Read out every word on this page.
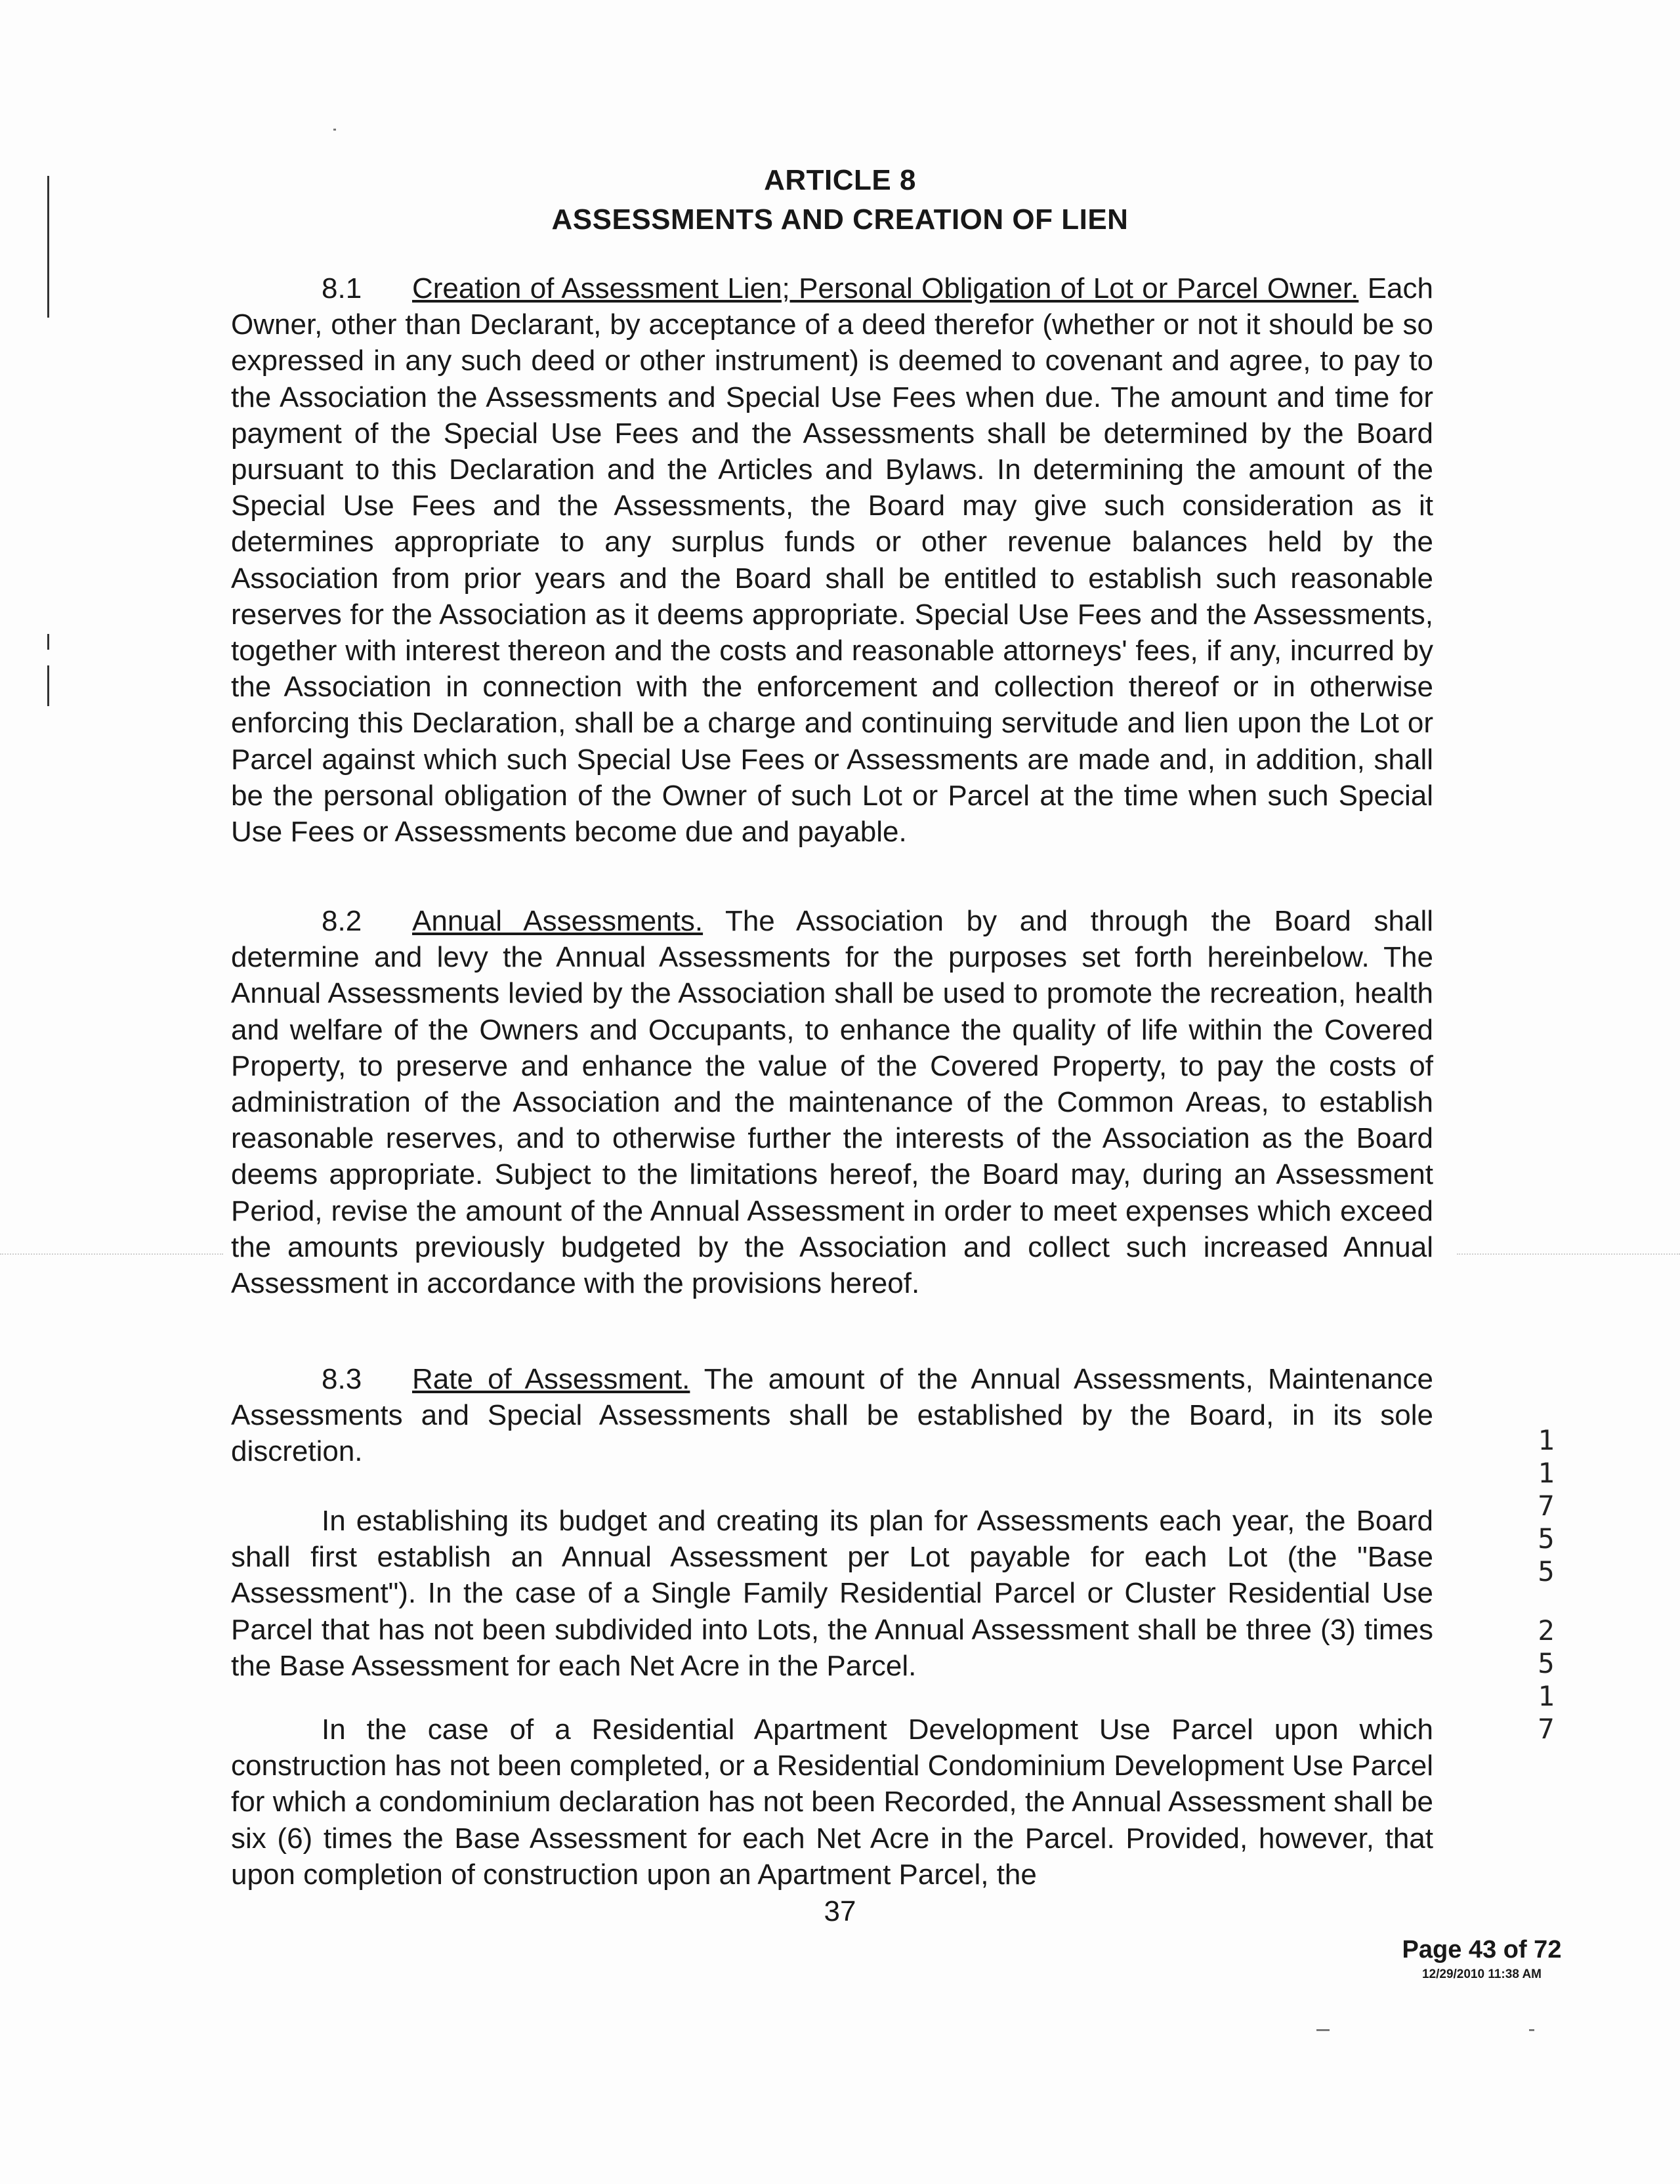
ARTICLE 8
ASSESSMENTS AND CREATION OF LIEN
8.1 Creation of Assessment Lien; Personal Obligation of Lot or Parcel Owner. Each Owner, other than Declarant, by acceptance of a deed therefor (whether or not it should be so expressed in any such deed or other instrument) is deemed to covenant and agree, to pay to the Association the Assessments and Special Use Fees when due. The amount and time for payment of the Special Use Fees and the Assessments shall be determined by the Board pursuant to this Declaration and the Articles and Bylaws. In determining the amount of the Special Use Fees and the Assessments, the Board may give such consideration as it determines appropriate to any surplus funds or other revenue balances held by the Association from prior years and the Board shall be entitled to establish such reasonable reserves for the Association as it deems appropriate. Special Use Fees and the Assessments, together with interest thereon and the costs and reasonable attorneys' fees, if any, incurred by the Association in connection with the enforcement and collection thereof or in otherwise enforcing this Declaration, shall be a charge and continuing servitude and lien upon the Lot or Parcel against which such Special Use Fees or Assessments are made and, in addition, shall be the personal obligation of the Owner of such Lot or Parcel at the time when such Special Use Fees or Assessments become due and payable.
8.2 Annual Assessments. The Association by and through the Board shall determine and levy the Annual Assessments for the purposes set forth hereinbelow. The Annual Assessments levied by the Association shall be used to promote the recreation, health and welfare of the Owners and Occupants, to enhance the quality of life within the Covered Property, to preserve and enhance the value of the Covered Property, to pay the costs of administration of the Association and the maintenance of the Common Areas, to establish reasonable reserves, and to otherwise further the interests of the Association as the Board deems appropriate. Subject to the limitations hereof, the Board may, during an Assessment Period, revise the amount of the Annual Assessment in order to meet expenses which exceed the amounts previously budgeted by the Association and collect such increased Annual Assessment in accordance with the provisions hereof.
8.3 Rate of Assessment. The amount of the Annual Assessments, Maintenance Assessments and Special Assessments shall be established by the Board, in its sole discretion.
In establishing its budget and creating its plan for Assessments each year, the Board shall first establish an Annual Assessment per Lot payable for each Lot (the "Base Assessment"). In the case of a Single Family Residential Parcel or Cluster Residential Use Parcel that has not been subdivided into Lots, the Annual Assessment shall be three (3) times the Base Assessment for each Net Acre in the Parcel.
In the case of a Residential Apartment Development Use Parcel upon which construction has not been completed, or a Residential Condominium Development Use Parcel for which a condominium declaration has not been Recorded, the Annual Assessment shall be six (6) times the Base Assessment for each Net Acre in the Parcel. Provided, however, that upon completion of construction upon an Apartment Parcel, the
37
Page 43 of 72
12/29/2010 11:38 AM
1
1
7
5
5
2
5
1
7
